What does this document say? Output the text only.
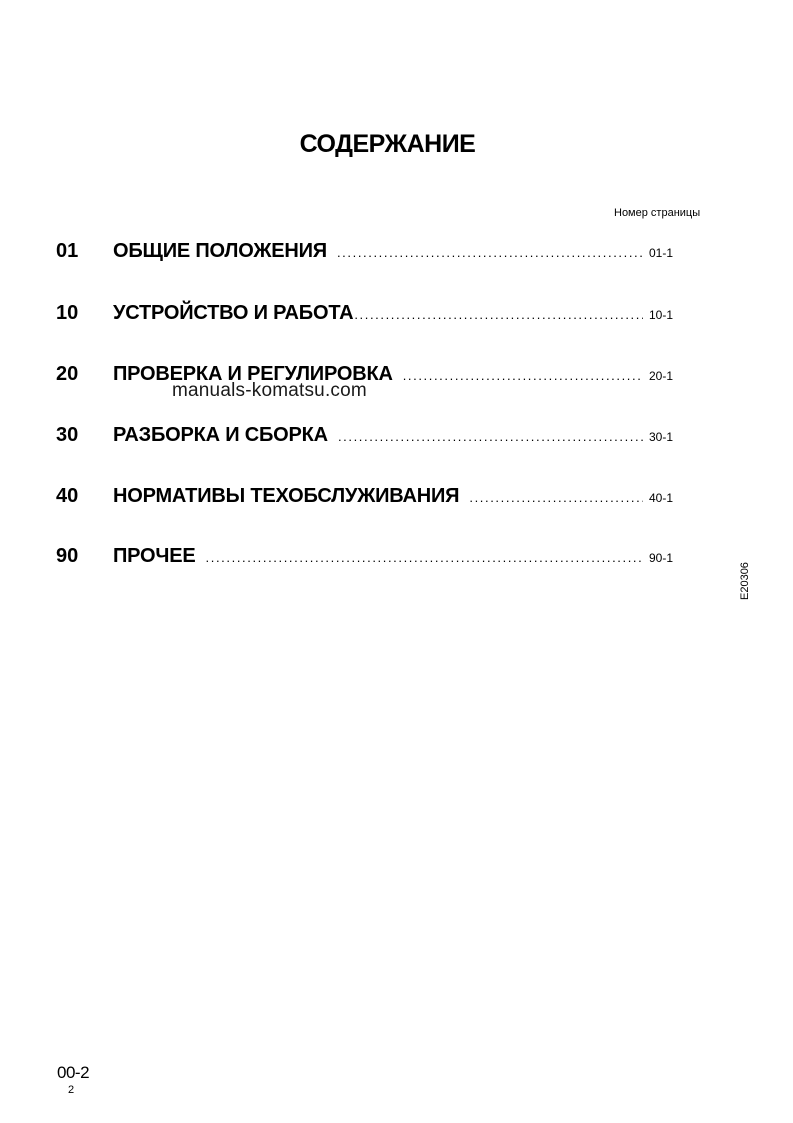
СОДЕРЖАНИЕ
Номер страницы
01	ОБЩИЕ ПОЛОЖЕНИЯ .....	01-1
10	УСТРОЙСТВО И РАБОТА .....	10-1
20	ПРОВЕРКА И РЕГУЛИРОВКА .....	20-1
30	РАЗБОРКА И СБОРКА .....	30-1
40	НОРМАТИВЫ ТЕХОБСЛУЖИВАНИЯ .....	40-1
90	ПРОЧЕЕ .....	90-1
manuals-komatsu.com
E20306
00-2
2
